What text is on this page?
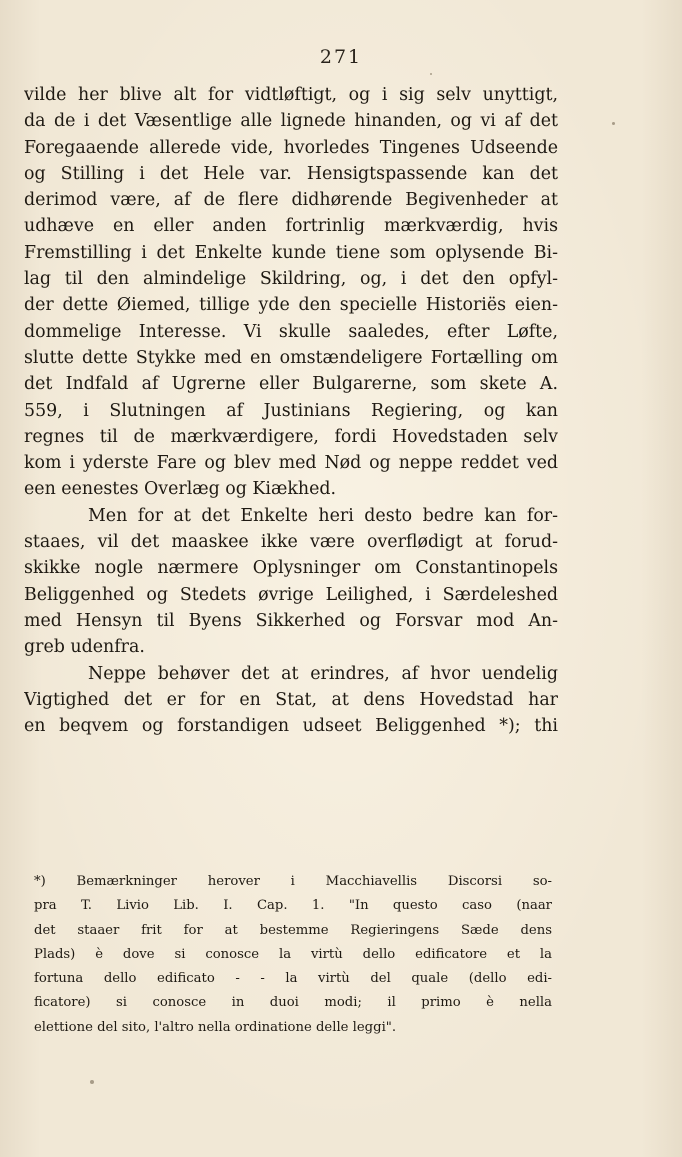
271
vilde her blive alt for vidtløftigt, og i sig selv unyttigt,
da de i det Væsentlige alle lignede hinanden, og vi af det
Foregaaende allerede vide, hvorledes Tingenes Udseende
og Stilling i det Hele var. Hensigtspassende kan det
derimod være, af de flere didhørende Begivenheder at
udhæve en eller anden fortrinlig mærkværdig, hvis
Fremstilling i det Enkelte kunde tiene som oplysende Bi-
lag til den almindelige Skildring, og, i det den opfyl-
der dette Øiemed, tillige yde den specielle Historiës eien-
dommelige Interesse. Vi skulle saaledes, efter Løfte,
slutte dette Stykke med en omstændeligere Fortælling om
det Indfald af Ugrerne eller Bulgarerne, som skete A.
559, i Slutningen af Justinians Regiering, og kan
regnes til de mærkværdigere, fordi Hovedstaden selv
kom i yderste Fare og blev med Nød og neppe reddet ved
een eenestes Overlæg og Kiækhed.
Men for at det Enkelte heri desto bedre kan for-
staaes, vil det maaskee ikke være overflødigt at forud-
skikke nogle nærmere Oplysninger om Constantinopels
Beliggenhed og Stedets øvrige Leilighed, i Særdeleshed
med Hensyn til Byens Sikkerhed og Forsvar mod An-
greb udenfra.
Neppe behøver det at erindres, af hvor uendelig
Vigtighed det er for en Stat, at dens Hovedstad har
en beqvem og forstandigen udseet Beliggenhed *); thi
*) Bemærkninger herover i Macchiavellis Discorsi so-
pra T. Livio Lib. I. Cap. 1. "In questo caso (naar
det staaer frit for at bestemme Regieringens Sæde dens
Plads) è dove si conosce la virtù dello edificatore et la
fortuna dello edificato - - la virtù del quale (dello edi-
ficatore) si conosce in duoi modi; il primo è nella
elettione del sito, l'altro nella ordinatione delle leggi".
